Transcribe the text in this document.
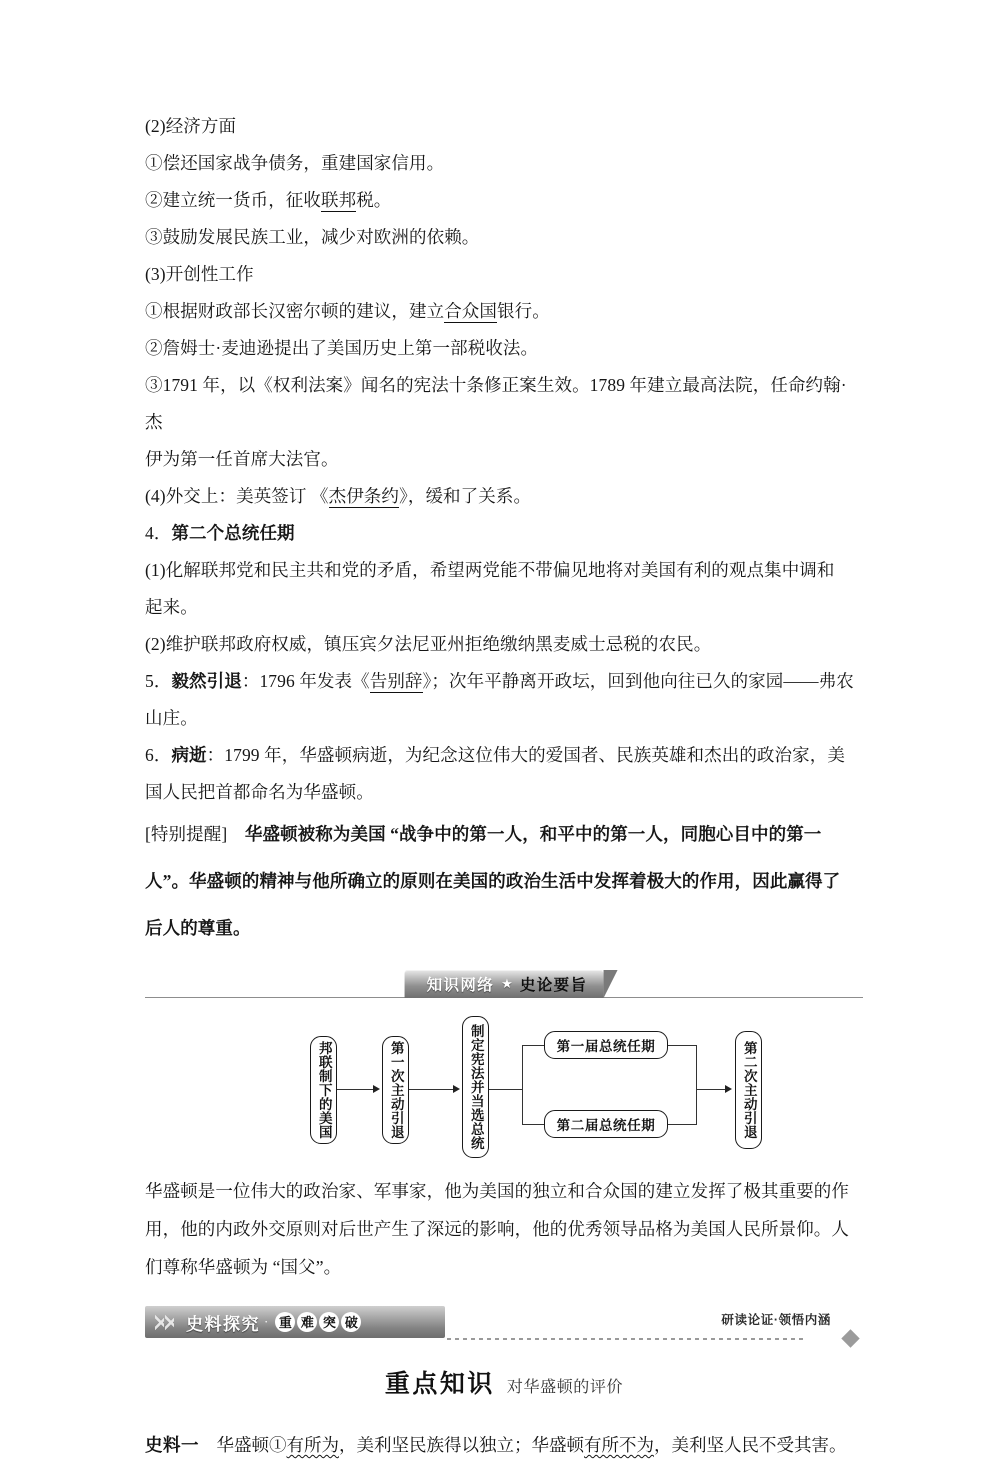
(2)经济方面
①偿还国家战争债务，重建国家信用。
②建立统一货币，征收联邦税。
③鼓励发展民族工业，减少对欧洲的依赖。
(3)开创性工作
①根据财政部长汉密尔顿的建议，建立合众国银行。
②詹姆士·麦迪逊提出了美国历史上第一部税收法。
③1791 年，以《权利法案》闻名的宪法十条修正案生效。1789 年建立最高法院，任命约翰·杰
伊为第一任首席大法官。
(4)外交上：美英签订 《杰伊条约》，缓和了关系。
4．第二个总统任期
(1)化解联邦党和民主共和党的矛盾，希望两党能不带偏见地将对美国有利的观点集中调和
起来。
(2)维护联邦政府权威，镇压宾夕法尼亚州拒绝缴纳黑麦威士忌税的农民。
5．毅然引退：1796 年发表《告别辞》；次年平静离开政坛，回到他向往已久的家园——弗农
山庄。
6．病逝：1799 年，华盛顿病逝，为纪念这位伟大的爱国者、民族英雄和杰出的政治家，美
国人民把首都命名为华盛顿。
[特别提醒]　华盛顿被称为美国 “战争中的第一人，和平中的第一人，同胞心目中的第一
人”。华盛顿的精神与他所确立的原则在美国的政治生活中发挥着极大的作用，因此赢得了
后人的尊重。
知识网络 ★ 史论要旨
邦联制下的美国	第一次主动引退	制定宪法并当选总统	第一届总统任期
第二届总统任期	第二次主动引退
华盛顿是一位伟大的政治家、军事家，他为美国的独立和合众国的建立发挥了极其重要的作
用，他的内政外交原则对后世产生了深远的影响，他的优秀领导品格为美国人民所景仰。人
们尊称华盛顿为 “国父”。
史料探究 · 重 难 突 破	研读论证·领悟内涵
重点知识 对华盛顿的评价
史料一　华盛顿①有所为，美利坚民族得以独立；华盛顿有所不为，美利坚人民不受其害。
